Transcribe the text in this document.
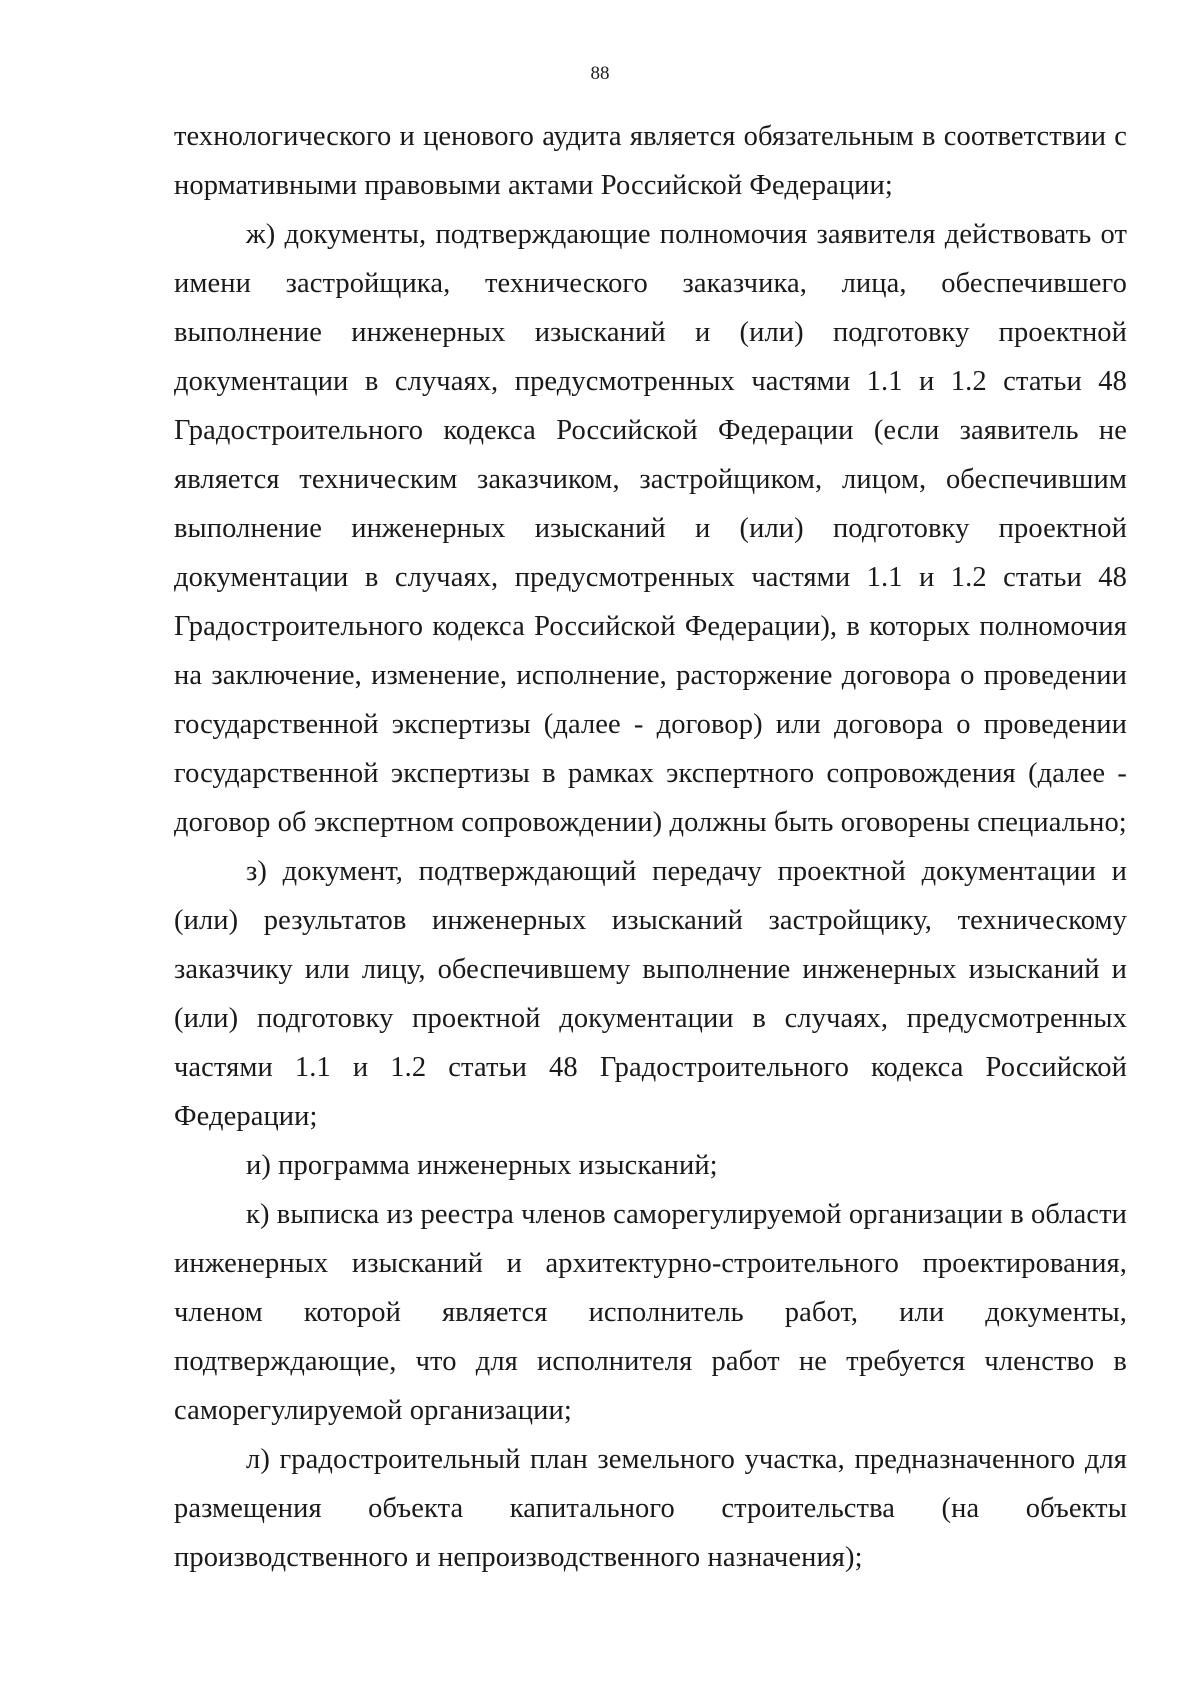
88

технологического и ценового аудита является обязательным в соответствии с нормативными правовыми актами Российской Федерации;

ж) документы, подтверждающие полномочия заявителя действовать от имени застройщика, технического заказчика, лица, обеспечившего выполнение инженерных изысканий и (или) подготовку проектной документации в случаях, предусмотренных частями 1.1 и 1.2 статьи 48 Градостроительного кодекса Российской Федерации (если заявитель не является техническим заказчиком, застройщиком, лицом, обеспечившим выполнение инженерных изысканий и (или) подготовку проектной документации в случаях, предусмотренных частями 1.1 и 1.2 статьи 48 Градостроительного кодекса Российской Федерации), в которых полномочия на заключение, изменение, исполнение, расторжение договора о проведении государственной экспертизы (далее - договор) или договора о проведении государственной экспертизы в рамках экспертного сопровождения (далее - договор об экспертном сопровождении) должны быть оговорены специально;

з) документ, подтверждающий передачу проектной документации и (или) результатов инженерных изысканий застройщику, техническому заказчику или лицу, обеспечившему выполнение инженерных изысканий и (или) подготовку проектной документации в случаях, предусмотренных частями 1.1 и 1.2 статьи 48 Градостроительного кодекса Российской Федерации;

и) программа инженерных изысканий;

к) выписка из реестра членов саморегулируемой организации в области инженерных изысканий и архитектурно-строительного проектирования, членом которой является исполнитель работ, или документы, подтверждающие, что для исполнителя работ не требуется членство в саморегулируемой организации;

л) градостроительный план земельного участка, предназначенного для размещения объекта капитального строительства (на объекты производственного и непроизводственного назначения);
